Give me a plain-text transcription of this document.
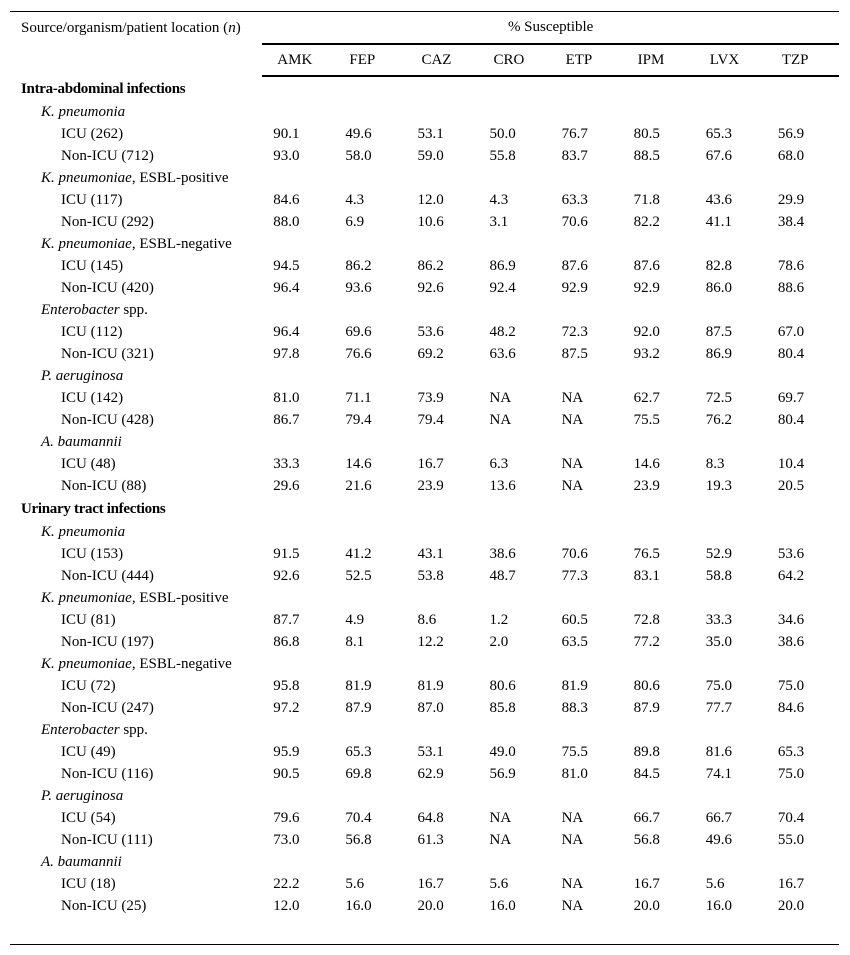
Source/organism/patient location (n)	% Susceptible							
	AMK	FEP	CAZ	CRO	ETP	IPM	LVX	TZP
Intra-abdominal infections								
K. pneumonia								
ICU (262)	90.1	49.6	53.1	50.0	76.7	80.5	65.3	56.9
Non-ICU (712)	93.0	58.0	59.0	55.8	83.7	88.5	67.6	68.0
K. pneumoniae, ESBL-positive								
ICU (117)	84.6	4.3	12.0	4.3	63.3	71.8	43.6	29.9
Non-ICU (292)	88.0	6.9	10.6	3.1	70.6	82.2	41.1	38.4
K. pneumoniae, ESBL-negative								
ICU (145)	94.5	86.2	86.2	86.9	87.6	87.6	82.8	78.6
Non-ICU (420)	96.4	93.6	92.6	92.4	92.9	92.9	86.0	88.6
Enterobacter spp.								
ICU (112)	96.4	69.6	53.6	48.2	72.3	92.0	87.5	67.0
Non-ICU (321)	97.8	76.6	69.2	63.6	87.5	93.2	86.9	80.4
P. aeruginosa								
ICU (142)	81.0	71.1	73.9	NA	NA	62.7	72.5	69.7
Non-ICU (428)	86.7	79.4	79.4	NA	NA	75.5	76.2	80.4
A. baumannii								
ICU (48)	33.3	14.6	16.7	6.3	NA	14.6	8.3	10.4
Non-ICU (88)	29.6	21.6	23.9	13.6	NA	23.9	19.3	20.5
Urinary tract infections								
K. pneumonia								
ICU (153)	91.5	41.2	43.1	38.6	70.6	76.5	52.9	53.6
Non-ICU (444)	92.6	52.5	53.8	48.7	77.3	83.1	58.8	64.2
K. pneumoniae, ESBL-positive								
ICU (81)	87.7	4.9	8.6	1.2	60.5	72.8	33.3	34.6
Non-ICU (197)	86.8	8.1	12.2	2.0	63.5	77.2	35.0	38.6
K. pneumoniae, ESBL-negative								
ICU (72)	95.8	81.9	81.9	80.6	81.9	80.6	75.0	75.0
Non-ICU (247)	97.2	87.9	87.0	85.8	88.3	87.9	77.7	84.6
Enterobacter spp.								
ICU (49)	95.9	65.3	53.1	49.0	75.5	89.8	81.6	65.3
Non-ICU (116)	90.5	69.8	62.9	56.9	81.0	84.5	74.1	75.0
P. aeruginosa								
ICU (54)	79.6	70.4	64.8	NA	NA	66.7	66.7	70.4
Non-ICU (111)	73.0	56.8	61.3	NA	NA	56.8	49.6	55.0
A. baumannii								
ICU (18)	22.2	5.6	16.7	5.6	NA	16.7	5.6	16.7
Non-ICU (25)	12.0	16.0	20.0	16.0	NA	20.0	16.0	20.0
